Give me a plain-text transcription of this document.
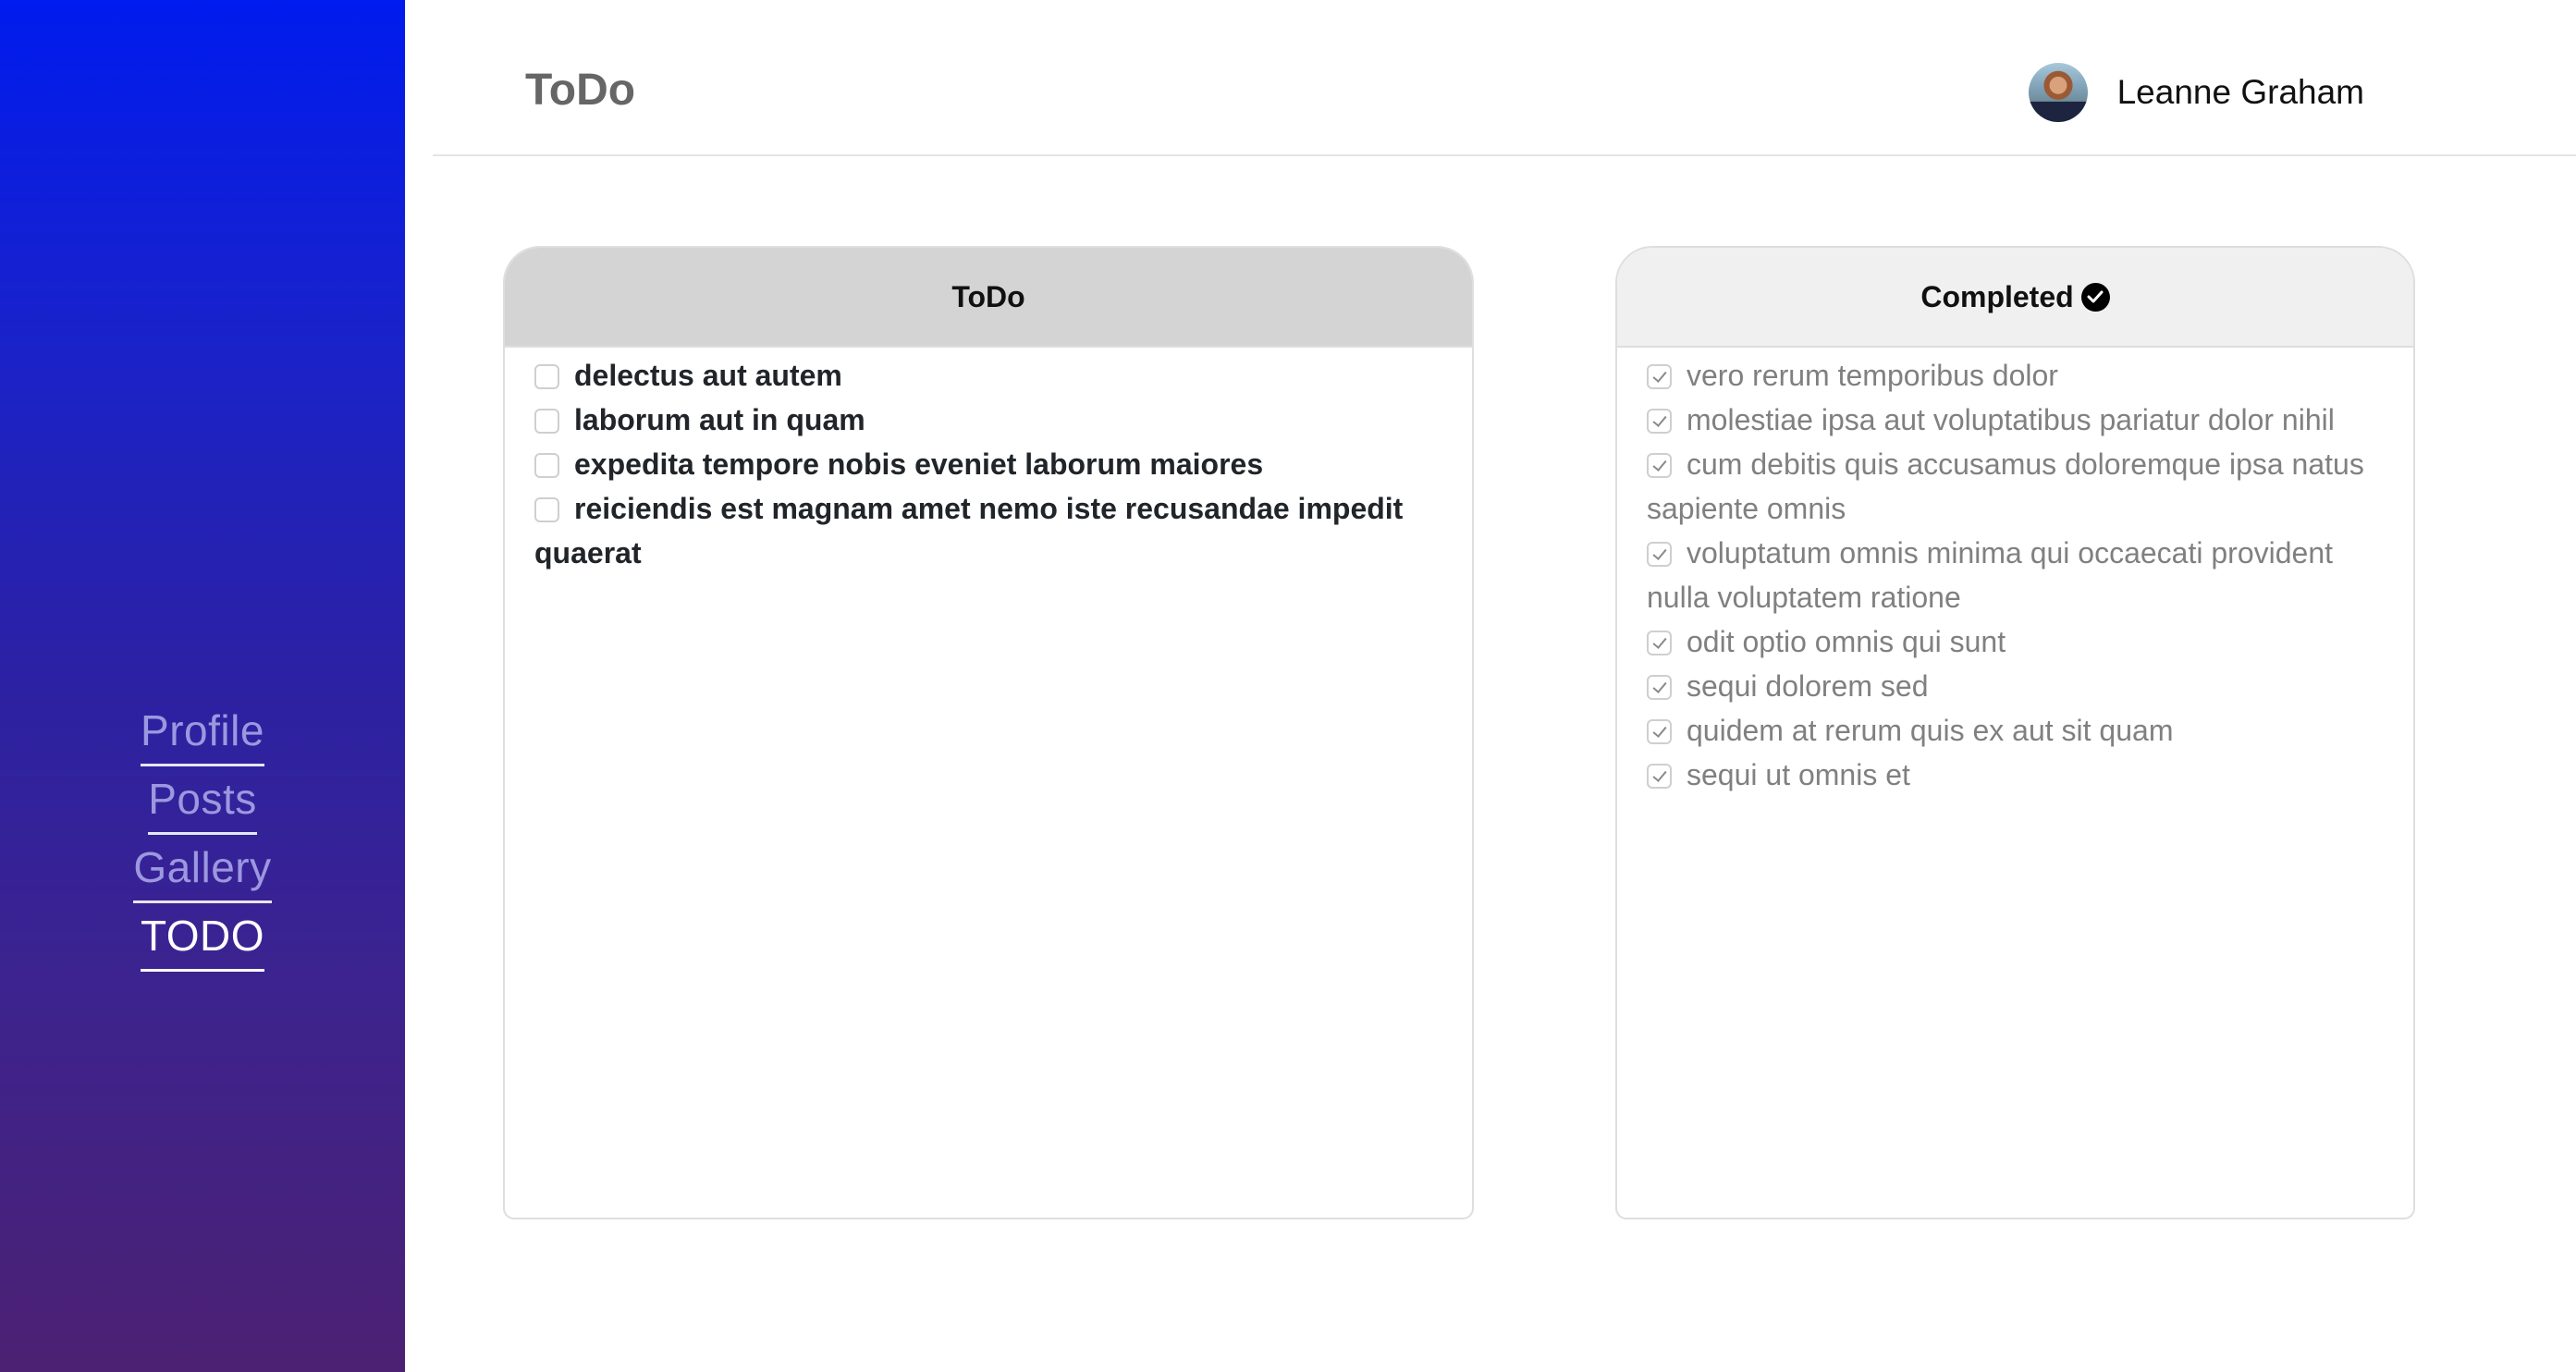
Profile
Posts
Gallery
TODO
ToDo	Leanne Graham
ToDo
delectus aut autem
laborum aut in quam
expedita tempore nobis eveniet laborum maiores
reiciendis est magnam amet nemo iste recusandae impedit quaerat
Completed
vero rerum temporibus dolor
molestiae ipsa aut voluptatibus pariatur dolor nihil
cum debitis quis accusamus doloremque ipsa natus sapiente omnis
voluptatum omnis minima qui occaecati provident nulla voluptatem ratione
odit optio omnis qui sunt
sequi dolorem sed
quidem at rerum quis ex aut sit quam
sequi ut omnis et
